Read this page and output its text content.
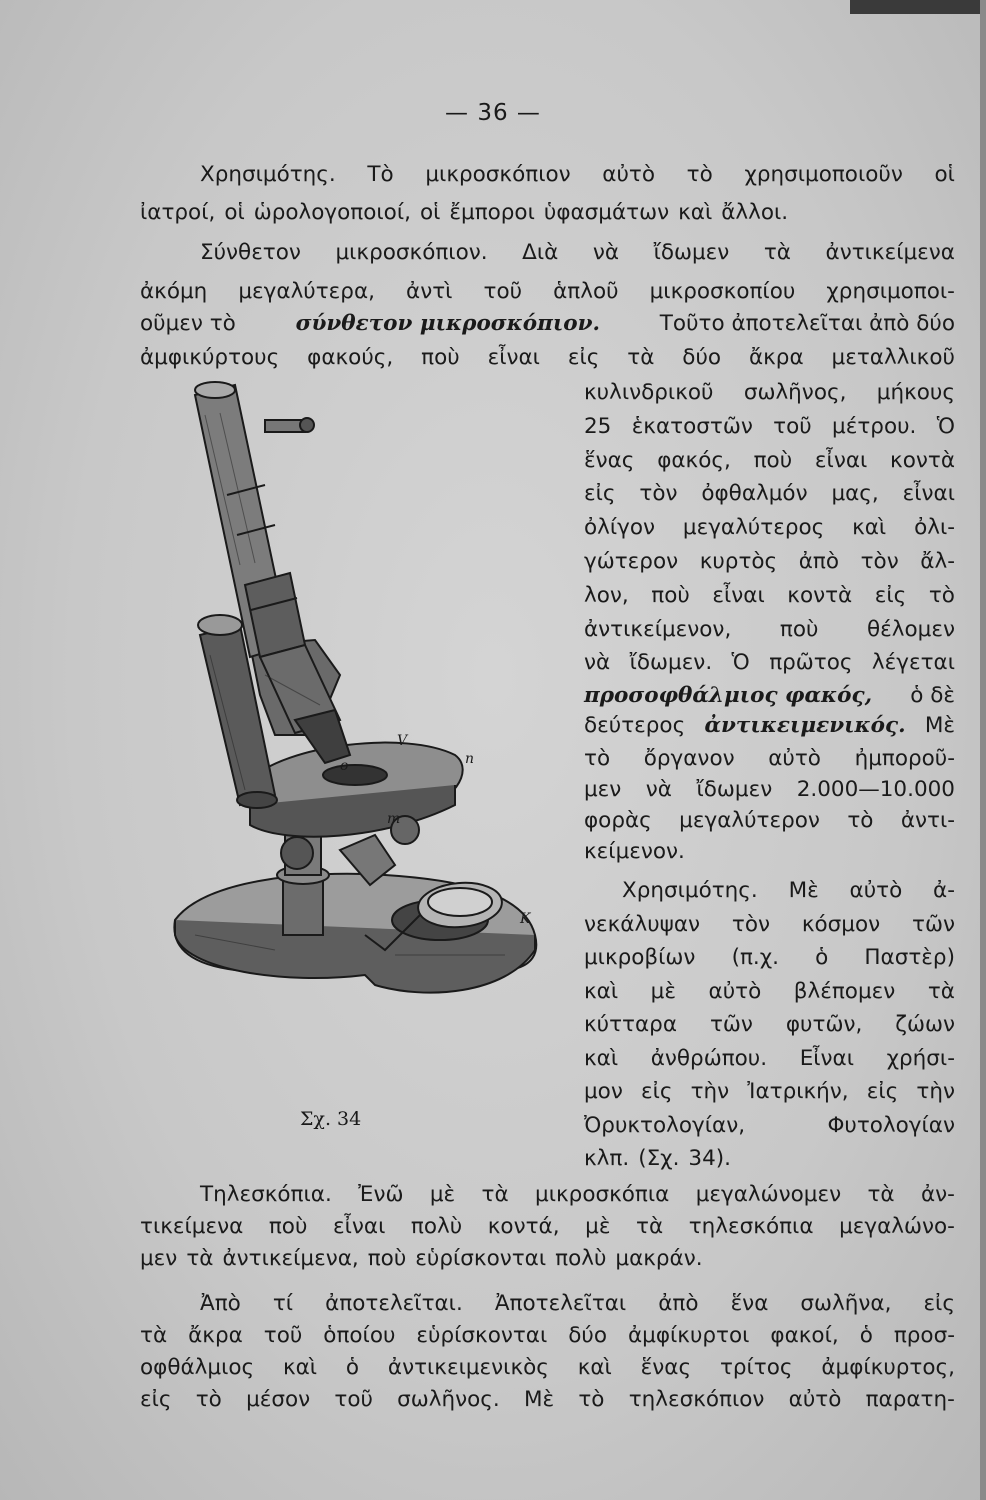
— 36 —
Χρησιμότης. Τὸ μικροσκόπιον αὐτὸ τὸ χρησιμοποιοῦν οἱ
ἰατροί, οἱ ὡρολογοποιοί, οἱ ἔμποροι ὑφασμάτων καὶ ἄλλοι.
Σύνθετον μικροσκόπιον. Διὰ νὰ ἴδωμεν τὰ ἀντικείμενα
ἀκόμη μεγαλύτερα, ἀντὶ τοῦ ἁπλοῦ μικροσκοπίου χρησιμοποι-
οῦμεν τὸ	σύνθετον μικροσκόπιον.	Τοῦτο ἀποτελεῖται ἀπὸ δύο
ἀμφικύρτους φακούς, ποὺ εἶναι εἰς τὰ δύο ἄκρα μεταλλικοῦ
κυλινδρικοῦ σωλῆνος, μήκους
25 ἑκατοστῶν τοῦ μέτρου. Ὁ
ἕνας φακός, ποὺ εἶναι κοντὰ
εἰς τὸν ὀφθαλμόν μας, εἶναι
ὀλίγον μεγαλύτερος καὶ ὀλι-
γώτερον κυρτὸς ἀπὸ τὸν ἄλ-
λον, ποὺ εἶναι κοντὰ εἰς τὸ
ἀντικείμενον, ποὺ θέλομεν
νὰ ἴδωμεν. Ὁ πρῶτος λέγεται
προσοφθάλμιος φακός, ὁ δὲ
δεύτερος ἀντικειμενικός. Μὲ
τὸ ὄργανον αὐτὸ ἠμποροῦ-
μεν νὰ ἴδωμεν 2.000—10.000
φορὰς μεγαλύτερον τὸ ἀντι-
κείμενον.
Χρησιμότης. Μὲ αὐτὸ ἀ-
νεκάλυψαν τὸν κόσμον τῶν
μικροβίων (π.χ. ὁ Παστὲρ)
καὶ μὲ αὐτὸ βλέπομεν τὰ
κύτταρα τῶν φυτῶν, ζώων
καὶ ἀνθρώπου. Εἶναι χρήσι-
μον εἰς τὴν Ἰατρικήν, εἰς τὴν
Ὀρυκτολογίαν,	Φυτολογίαν
κλπ. (Σχ. 34).
V
o	n
m
K
Σχ. 34
Τηλεσκόπια. Ἐνῶ μὲ τὰ μικροσκόπια μεγαλώνομεν τὰ ἀν-
τικείμενα ποὺ εἶναι πολὺ κοντά, μὲ τὰ τηλεσκόπια μεγαλώνο-
μεν τὰ ἀντικείμενα, ποὺ εὑρίσκονται πολὺ μακράν.
Ἀπὸ τί ἀποτελεῖται. Ἀποτελεῖται ἀπὸ ἕνα σωλῆνα, εἰς
τὰ ἄκρα τοῦ ὁποίου εὑρίσκονται δύο ἀμφίκυρτοι φακοί, ὁ προσ-
οφθάλμιος καὶ ὁ ἀντικειμενικὸς καὶ ἕνας τρίτος ἀμφίκυρτος,
εἰς τὸ μέσον τοῦ σωλῆνος. Μὲ τὸ τηλεσκόπιον αὐτὸ παρατη-
